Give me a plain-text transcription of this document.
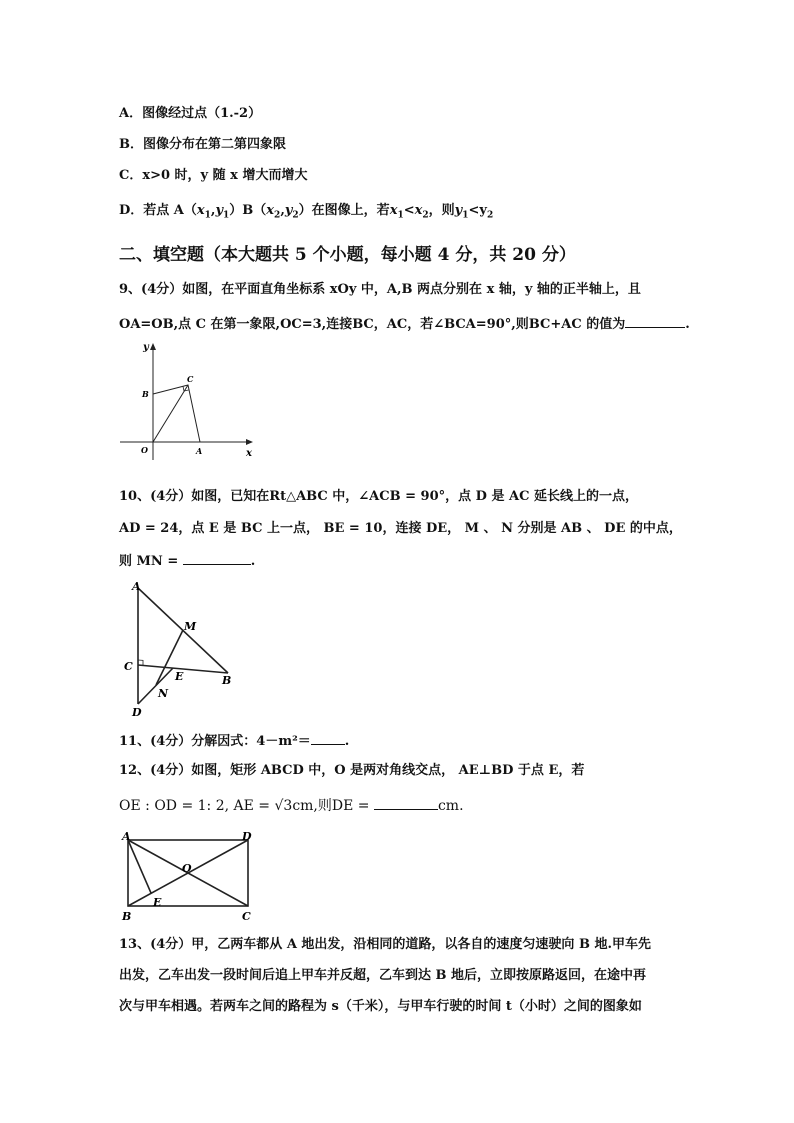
A．图像经过点（1.-2）
B．图像分布在第二第四象限
C．x>0 时，y 随 x 增大而增大
D．若点 $A(x_1,y_1)B(x_2,y_2)$在图像上，若$x_1<x_2$，则$y_1<y_2$
二、填空题（本大题共 5 个小题，每小题 4 分，共 20 分）
9、(4分）如图，在平面直角坐标系 xOy 中，A,B 两点分别在 x 轴，y 轴的正半轴上，且
OA=OB,点 C 在第一象限,OC=3,连接BC，AC，若∠BCA=90°,则BC+AC 的值为	.
y
x
O	A
B
C
10、(4分）如图，已知在Rt△ABC 中，∠ACB = 90°，点 D 是 AC 延长线上的一点，
AD = 24，点 E 是 BC 上一点， BE = 10，连接 DE， M 、 N 分别是 AB 、 DE 的中点，
则 MN =	.
A
M
C
E	B
N
D
11、(4分）分解因式：4－m²＝	.
12、(4分）如图，矩形 ABCD 中，O 是两对角线交点， AE⊥BD 于点 E，若
OE : OD = 1: 2, AE = √3cm,则DE =	cm.
A	D
O
E
B	C
13、(4分）甲，乙两车都从 A 地出发，沿相同的道路，以各自的速度匀速驶向 B 地.甲车先
出发，乙车出发一段时间后追上甲车并反超，乙车到达 B 地后，立即按原路返回，在途中再
次与甲车相遇。若两车之间的路程为 s（千米），与甲车行驶的时间 t（小时）之间的图象如
